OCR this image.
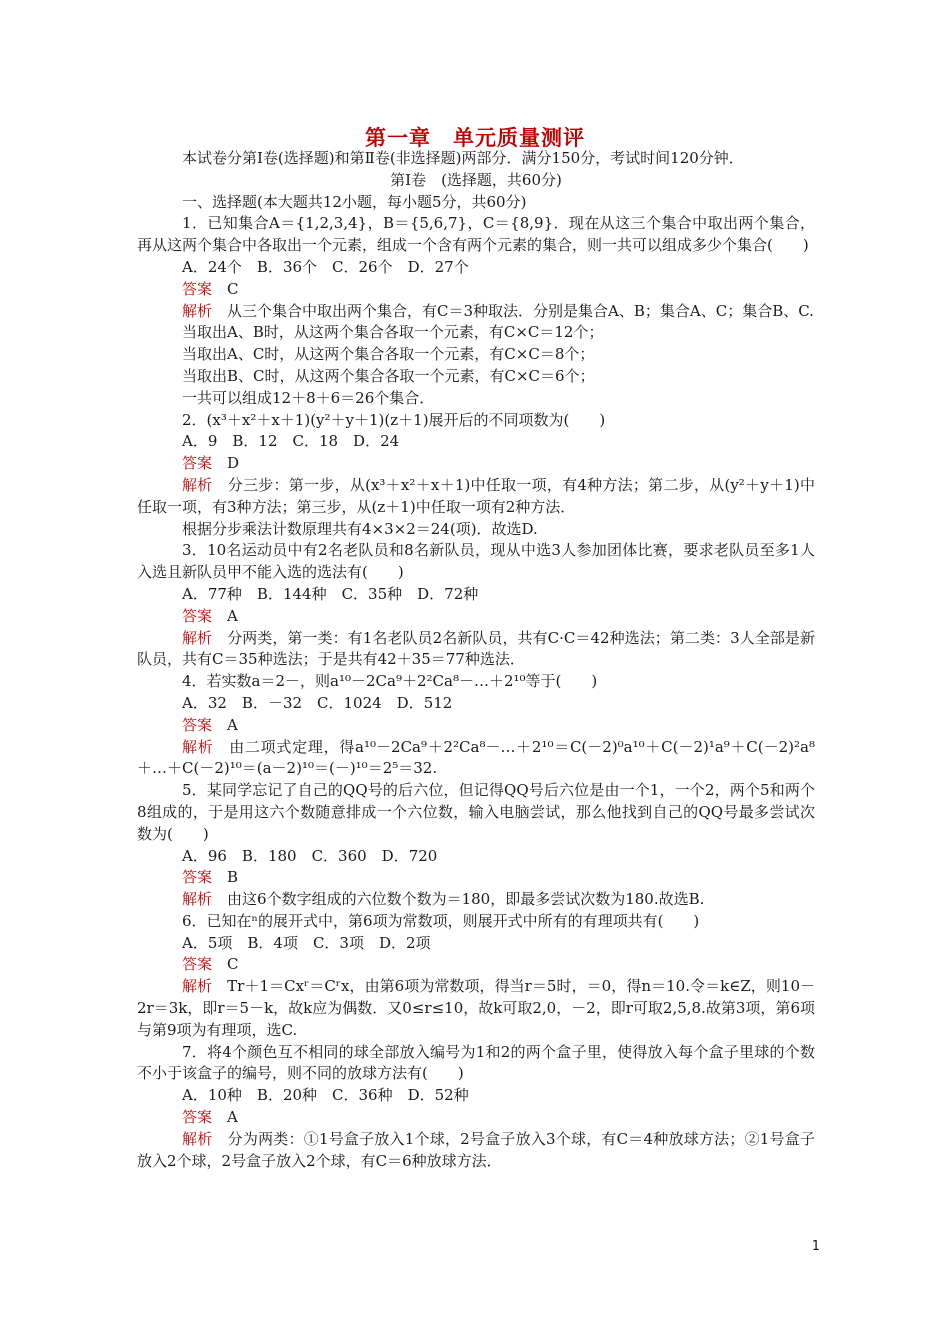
第一章　单元质量测评

本试卷分第Ⅰ卷(选择题)和第Ⅱ卷(非选择题)两部分．满分150分，考试时间120分钟．

第Ⅰ卷　(选择题，共60分)

一、选择题(本大题共12小题，每小题5分，共60分)

1．已知集合A＝{1,2,3,4}，B＝{5,6,7}，C＝{8,9}．现在从这三个集合中取出两个集合，再从这两个集合中各取出一个元素，组成一个含有两个元素的集合，则一共可以组成多少个集合(　　)

A．24个　B．36个　C．26个　D．27个

答案　 C

解析　 从三个集合中取出两个集合，有C＝3种取法．分别是集合A、B；集合A、C；集合B、C.

当取出A、B时，从这两个集合各取一个元素，有C×C＝12个；

当取出A、C时，从这两个集合各取一个元素，有C×C＝8个；

当取出B、C时，从这两个集合各取一个元素，有C×C＝6个；

一共可以组成12＋8＋6＝26个集合．

2．(x³＋x²＋x＋1)(y²＋y＋1)(z＋1)展开后的不同项数为(　　)

A．9　B．12　C．18　D．24

答案　 D

解析　 分三步：第一步，从(x³＋x²＋x＋1)中任取一项，有4种方法；第二步，从(y²＋y＋1)中任取一项，有3种方法；第三步，从(z＋1)中任取一项有2种方法．

根据分步乘法计数原理共有4×3×2＝24(项)．故选D.

3．10名运动员中有2名老队员和8名新队员，现从中选3人参加团体比赛，要求老队员至多1人入选且新队员甲不能入选的选法有(　　)

A．77种　B．144种　C．35种　D．72种

答案　 A

解析　 分两类，第一类：有1名老队员2名新队员，共有C·C＝42种选法；第二类：3人全部是新队员，共有C＝35种选法；于是共有42＋35＝77种选法．

4．若实数a＝2－，则a¹⁰－2Ca⁹＋2²Ca⁸－…＋2¹⁰等于(　　)

A．32　B．－32　C．1024　D．512

答案　 A

解析　 由二项式定理，得a¹⁰－2Ca⁹＋2²Ca⁸－…＋2¹⁰＝C(－2)⁰a¹⁰＋C(－2)¹a⁹＋C(－2)²a⁸＋…＋C(－2)¹⁰＝(a－2)¹⁰＝(－)¹⁰＝2⁵＝32.

5．某同学忘记了自己的QQ号的后六位，但记得QQ号后六位是由一个1，一个2，两个5和两个8组成的，于是用这六个数随意排成一个六位数，输入电脑尝试，那么他找到自己的QQ号最多尝试次数为(　　)

A．96　B．180　C．360　D．720

答案　 B

解析　 由这6个数字组成的六位数个数为＝180，即最多尝试次数为180.故选B.

6．已知在ⁿ的展开式中，第6项为常数项，则展开式中所有的有理项共有(　　)

A．5项　B．4项　C．3项　D．2项

答案　 C

解析　 Tr＋1＝Cxʳ＝Cʳx，由第6项为常数项，得当r＝5时，＝0，得n＝10.令＝k∈Z，则10－2r＝3k，即r＝5－k，故k应为偶数．又0≤r≤10，故k可取2,0，－2，即r可取2,5,8.故第3项，第6项与第9项为有理项，选C.

7．将4个颜色互不相同的球全部放入编号为1和2的两个盒子里，使得放入每个盒子里球的个数不小于该盒子的编号，则不同的放球方法有(　　)

A．10种　B．20种　C．36种　D．52种

答案　 A

解析　 分为两类：①1号盒子放入1个球，2号盒子放入3个球，有C＝4种放球方法；②1号盒子放入2个球，2号盒子放入2个球，有C＝6种放球方法．

1
